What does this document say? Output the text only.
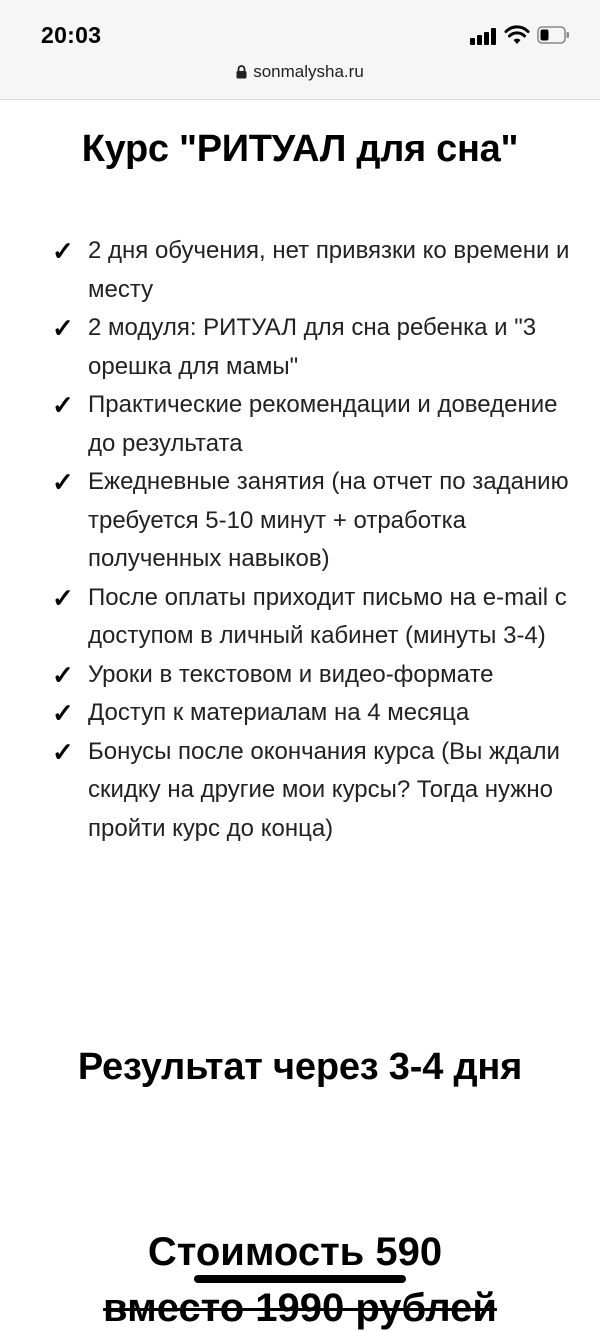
20:03
sonmalysha.ru
Курс "РИТУАЛ для сна"
✓ 2 дня обучения, нет привязки ко времени и месту
✓ 2 модуля: РИТУАЛ для сна ребенка и "3 орешка для мамы"
✓ Практические рекомендации и доведение до результата
✓ Ежедневные занятия (на отчет по заданию требуется 5-10 минут + отработка полученных навыков)
✓ После оплаты приходит письмо на e-mail с доступом в личный кабинет (минуты 3-4)
✓ Уроки в текстовом и видео-формате
✓ Доступ к материалам на 4 месяца
✓ Бонусы после окончания курса (Вы ждали скидку на другие мои курсы? Тогда нужно пройти курс до конца)
Результат через 3-4 дня
Стоимость 590
вместо 1990 рублей
